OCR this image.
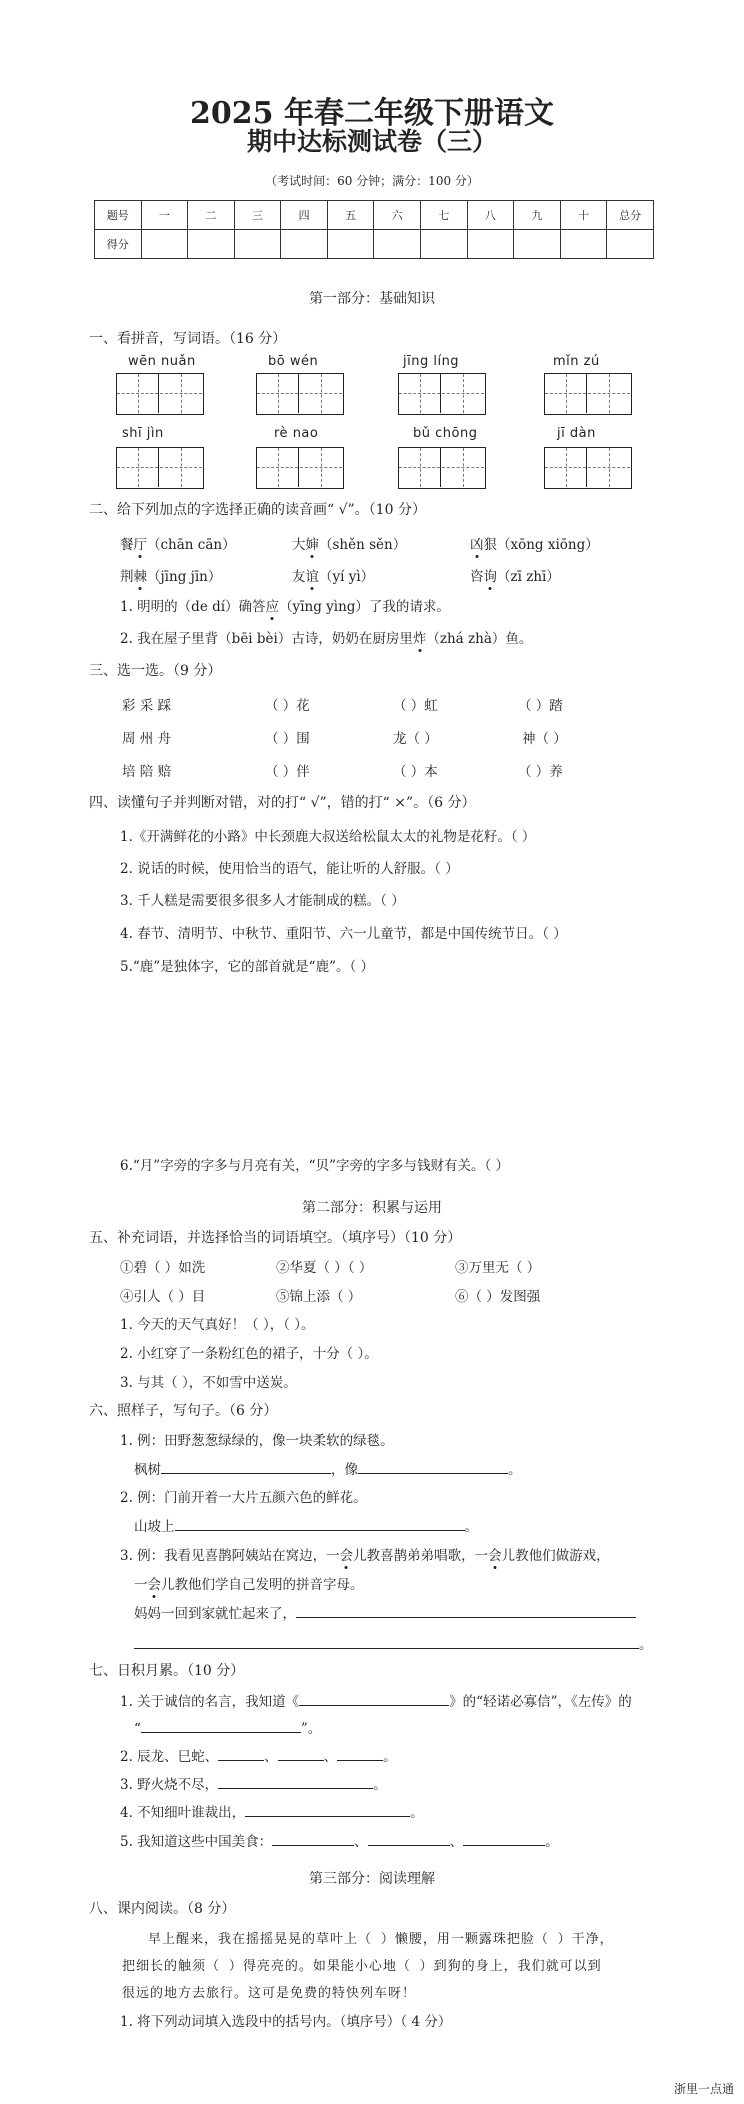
2025 年春二年级下册语文
期中达标测试卷（三）
（考试时间：60 分钟；满分：100 分）
题号	一	二	三	四	五	六	七	八	九	十	总分
得分											
第一部分：基础知识
一、看拼音，写词语。（16 分）
wēn nuǎn	bō wén	jīng líng	mǐn zú
shī jìn	rè nao	bǔ chōng	jī dàn
二、给下列加点的字选择正确的读音画“ √”。（10 分）
餐厅（chān cān）	大婶（shěn sěn）	凶狠（xōng xiōng）
荆棘（jīng jīn）	友谊（yí yì）	咨询（zī zhī）
1. 明明的（de dí）确答应（yīng yìng）了我的请求。
2. 我在屋子里背（bēi bèi）古诗，奶奶在厨房里炸（zhá zhà）鱼。
三、选一选。（9 分）
彩 采 踩	（ ）花	（ ）虹	（ ）踏
周 州 舟	（ ）围	龙（ ）	神（ ）
培 陪 赔	（ ）伴	（ ）本	（ ）养
四、读懂句子并判断对错，对的打“ √”，错的打“ ×”。（6 分）
1.《开满鲜花的小路》中长颈鹿大叔送给松鼠太太的礼物是花籽。（ ）
2. 说话的时候，使用恰当的语气，能让听的人舒服。（ ）
3. 千人糕是需要很多很多人才能制成的糕。（ ）
4. 春节、清明节、中秋节、重阳节、六一儿童节，都是中国传统节日。（ ）
5.“鹿”是独体字，它的部首就是“鹿”。（ ）
6.“月”字旁的字多与月亮有关，“贝”字旁的字多与钱财有关。（ ）
第二部分：积累与运用
五、补充词语，并选择恰当的词语填空。（填序号）（10 分）
①碧（ ）如洗	②华夏（ ）（ ）	③万里无（ ）
④引人（ ）目	⑤锦上添（ ）	⑥（ ）发图强
1. 今天的天气真好！（ ），（ ）。
2. 小红穿了一条粉红色的裙子，十分（ ）。
3. 与其（ ），不如雪中送炭。
六、照样子，写句子。（6 分）
1. 例：田野葱葱绿绿的，像一块柔软的绿毯。
枫树	，像	。
2. 例：门前开着一大片五颜六色的鲜花。
山坡上	。
3. 例：我看见喜鹊阿姨站在窝边，一会儿教喜鹊弟弟唱歌，一会儿教他们做游戏，
一会儿教他们学自己发明的拼音字母。
妈妈一回到家就忙起来了，
。
七、日积月累。（10 分）
1. 关于诚信的名言，我知道《	》的“轻诺必寡信”，《左传》的
“	”。
2. 辰龙、巳蛇、	、	、	。
3. 野火烧不尽，	。
4. 不知细叶谁裁出，	。
5. 我知道这些中国美食：	、	、	。
第三部分：阅读理解
八、课内阅读。（8 分）
早上醒来，我在摇摇晃晃的草叶上（ ）懒腰，用一颗露珠把脸（ ）干净，
把细长的触须（ ）得亮亮的。如果能小心地（ ）到狗的身上，我们就可以到
很远的地方去旅行。这可是免费的特快列车呀！
1. 将下列动词填入选段中的括号内。（填序号）（ 4 分）
浙里一点通
